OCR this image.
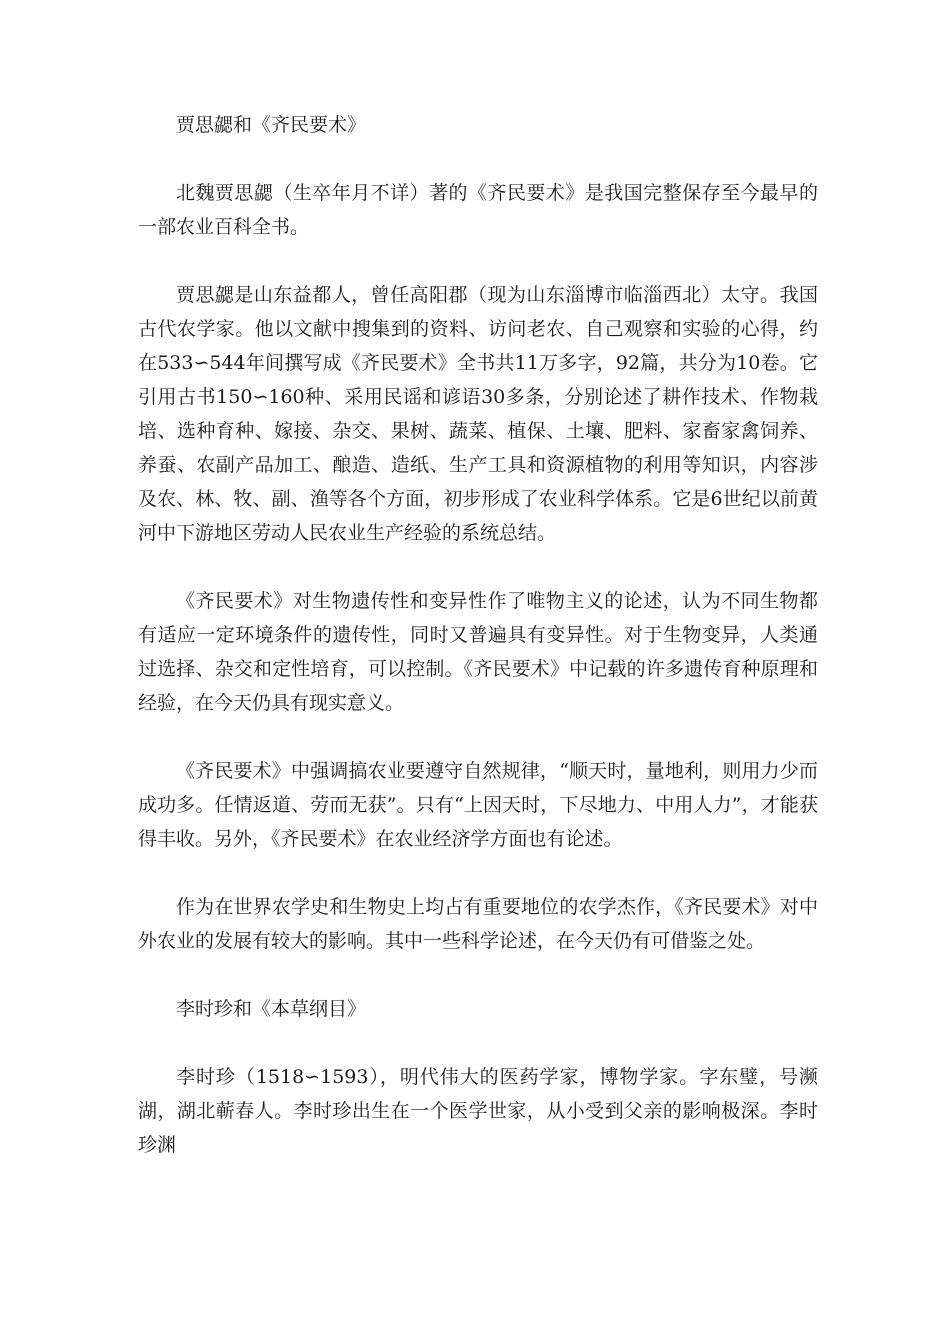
贾思勰和《齐民要术》

北魏贾思勰（生卒年月不详）著的《齐民要术》是我国完整保存至今最早的一部农业百科全书。

贾思勰是山东益都人，曾任高阳郡（现为山东淄博市临淄西北）太守。我国古代农学家。他以文献中搜集到的资料、访问老农、自己观察和实验的心得，约在533∽544年间撰写成《齐民要术》全书共11万多字，92篇，共分为10卷。它引用古书150∽160种、采用民谣和谚语30多条，分别论述了耕作技术、作物栽培、选种育种、嫁接、杂交、果树、蔬菜、植保、土壤、肥料、家畜家禽饲养、养蚕、农副产品加工、酿造、造纸、生产工具和资源植物的利用等知识，内容涉及农、林、牧、副、渔等各个方面，初步形成了农业科学体系。它是6世纪以前黄河中下游地区劳动人民农业生产经验的系统总结。

《齐民要术》对生物遗传性和变异性作了唯物主义的论述，认为不同生物都有适应一定环境条件的遗传性，同时又普遍具有变异性。对于生物变异，人类通过选择、杂交和定性培育，可以控制。《齐民要术》中记载的许多遗传育种原理和经验，在今天仍具有现实意义。

《齐民要术》中强调搞农业要遵守自然规律，“顺天时，量地利，则用力少而成功多。任情返道、劳而无获”。只有“上因天时，下尽地力、中用人力”，才能获得丰收。另外，《齐民要术》在农业经济学方面也有论述。

作为在世界农学史和生物史上均占有重要地位的农学杰作，《齐民要术》对中外农业的发展有较大的影响。其中一些科学论述，在今天仍有可借鉴之处。

李时珍和《本草纲目》

李时珍（1518∽1593），明代伟大的医药学家，博物学家。字东璧，号濒湖，湖北蕲春人。李时珍出生在一个医学世家，从小受到父亲的影响极深。李时珍渊
